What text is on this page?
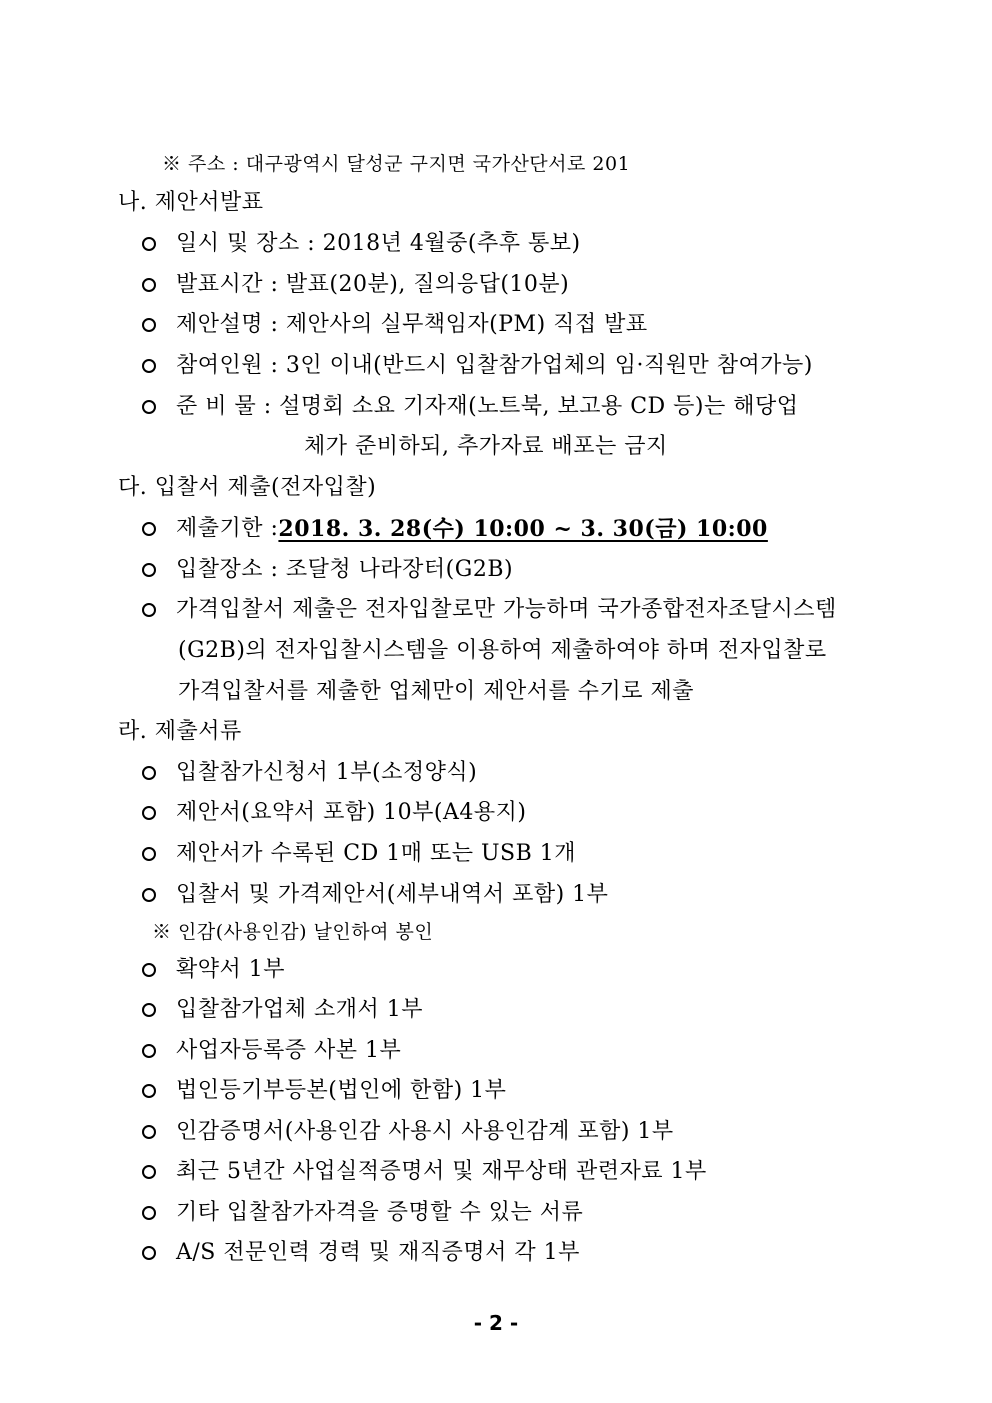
※ 주소 : 대구광역시 달성군 구지면 국가산단서로 201
나. 제안서발표
일시 및 장소 : 2018년 4월중(추후 통보)
발표시간 : 발표(20분), 질의응답(10분)
제안설명 : 제안사의 실무책임자(PM) 직접 발표
참여인원 : 3인 이내(반드시 입찰참가업체의 임·직원만 참여가능)
준 비 물 : 설명회 소요 기자재(노트북, 보고용 CD 등)는 해당업
체가 준비하되, 추가자료 배포는 금지
다. 입찰서 제출(전자입찰)
제출기한 : 2018. 3. 28(수) 10:00 ~ 3. 30(금) 10:00
입찰장소 : 조달청 나라장터(G2B)
가격입찰서 제출은 전자입찰로만 가능하며 국가종합전자조달시스템
(G2B)의 전자입찰시스템을 이용하여 제출하여야 하며 전자입찰로
가격입찰서를 제출한 업체만이 제안서를 수기로 제출
라. 제출서류
입찰참가신청서 1부(소정양식)
제안서(요약서 포함) 10부(A4용지)
제안서가 수록된 CD 1매 또는 USB 1개
입찰서 및 가격제안서(세부내역서 포함) 1부
※ 인감(사용인감) 날인하여 봉인
확약서 1부
입찰참가업체 소개서 1부
사업자등록증 사본 1부
법인등기부등본(법인에 한함) 1부
인감증명서(사용인감 사용시 사용인감계 포함) 1부
최근 5년간 사업실적증명서 및 재무상태 관련자료 1부
기타 입찰참가자격을 증명할 수 있는 서류
A/S 전문인력 경력 및 재직증명서 각 1부
- 2 -
